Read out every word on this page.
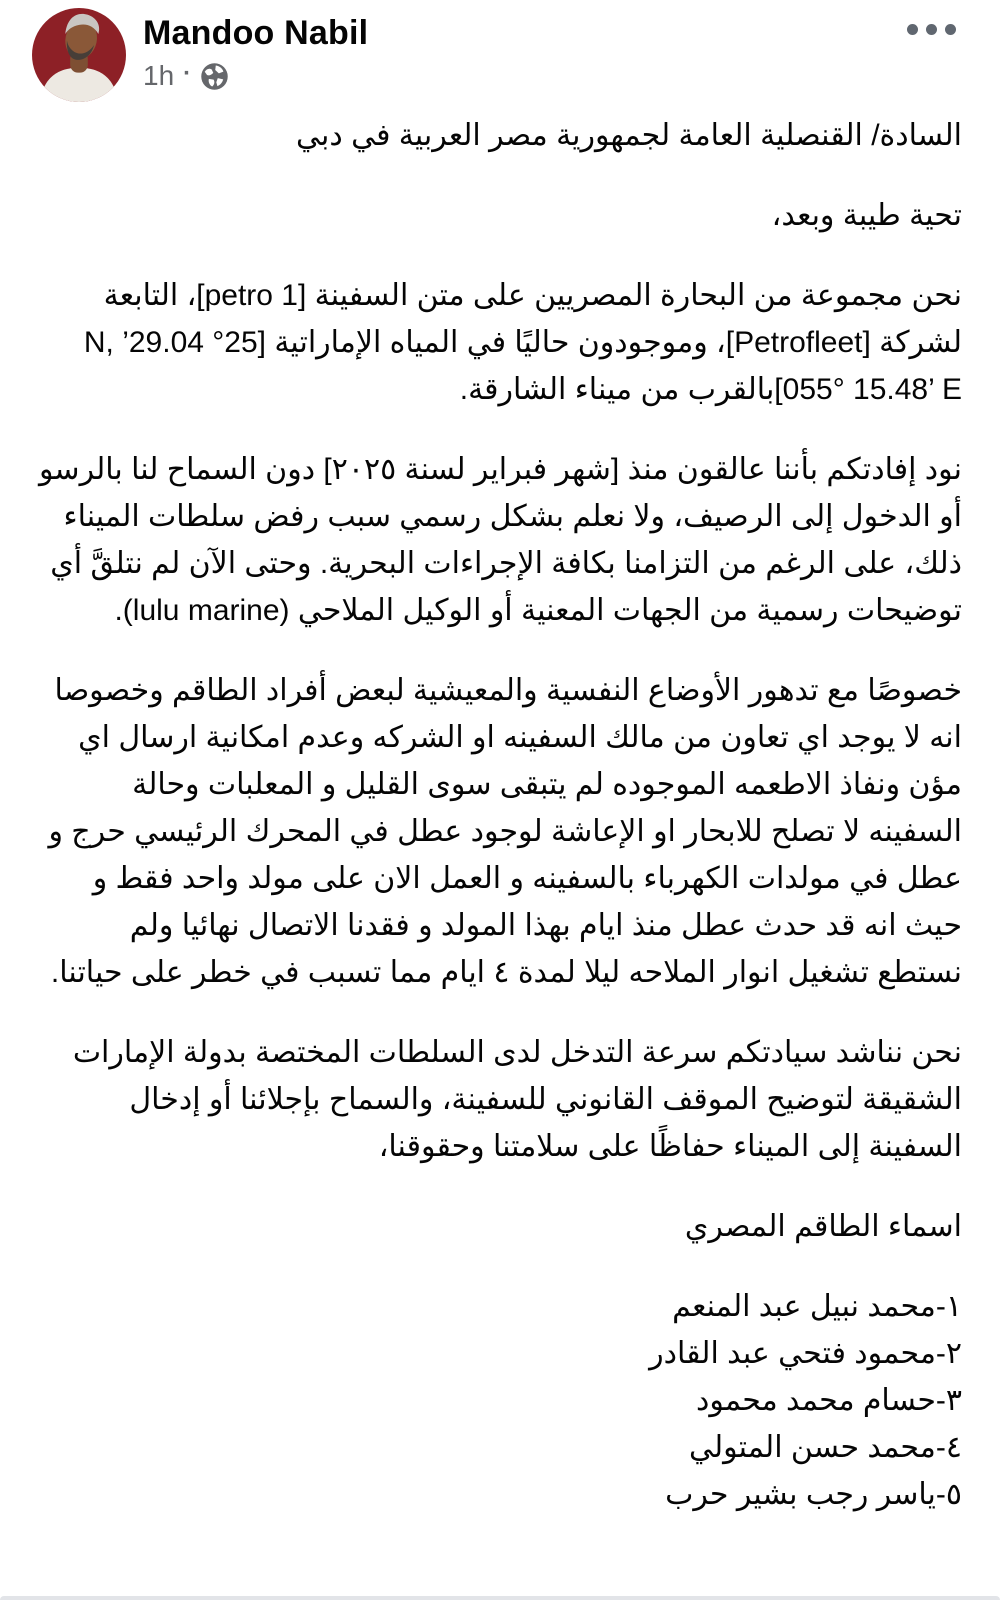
Mandoo Nabil
1h ·

السادة/ القنصلية العامة لجمهورية مصر العربية في دبي

تحية طيبة وبعد،

نحن مجموعة من البحارة المصريين على متن السفينة [petro 1]، التابعة لشركة [Petrofleet]، وموجودون حاليًا في المياه الإماراتية [25° 29.04’ N, 055° 15.48’ E]بالقرب من ميناء الشارقة.

نود إفادتكم بأننا عالقون منذ [شهر فبراير لسنة ٢٠٢٥] دون السماح لنا بالرسو أو الدخول إلى الرصيف، ولا نعلم بشكل رسمي سبب رفض سلطات الميناء ذلك، على الرغم من التزامنا بكافة الإجراءات البحرية. وحتى الآن لم نتلقَّ أي توضيحات رسمية من الجهات المعنية أو الوكيل الملاحي (lulu marine).

خصوصًا مع تدهور الأوضاع النفسية والمعيشية لبعض أفراد الطاقم وخصوصا انه لا يوجد اي تعاون من مالك السفينه او الشركه وعدم امكانية ارسال اي مؤن ونفاذ الاطعمه الموجوده لم يتبقى سوى القليل و المعلبات وحالة السفينه لا تصلح للابحار او الإعاشة لوجود عطل في المحرك الرئيسي حرج و عطل في مولدات الكهرباء بالسفينه و العمل الان على مولد واحد فقط و حيث انه قد حدث عطل منذ ايام بهذا المولد و فقدنا الاتصال نهائيا ولم نستطع تشغيل انوار الملاحه ليلا لمدة ٤ ايام مما تسبب في خطر على حياتنا.

نحن نناشد سيادتكم سرعة التدخل لدى السلطات المختصة بدولة الإمارات الشقيقة لتوضيح الموقف القانوني للسفينة، والسماح بإجلائنا أو إدخال السفينة إلى الميناء حفاظًا على سلامتنا وحقوقنا،

اسماء الطاقم المصري

١-محمد نبيل عبد المنعم
٢-محمود فتحي عبد القادر
٣-حسام محمد محمود
٤-محمد حسن المتولي
٥-ياسر رجب بشير حرب
